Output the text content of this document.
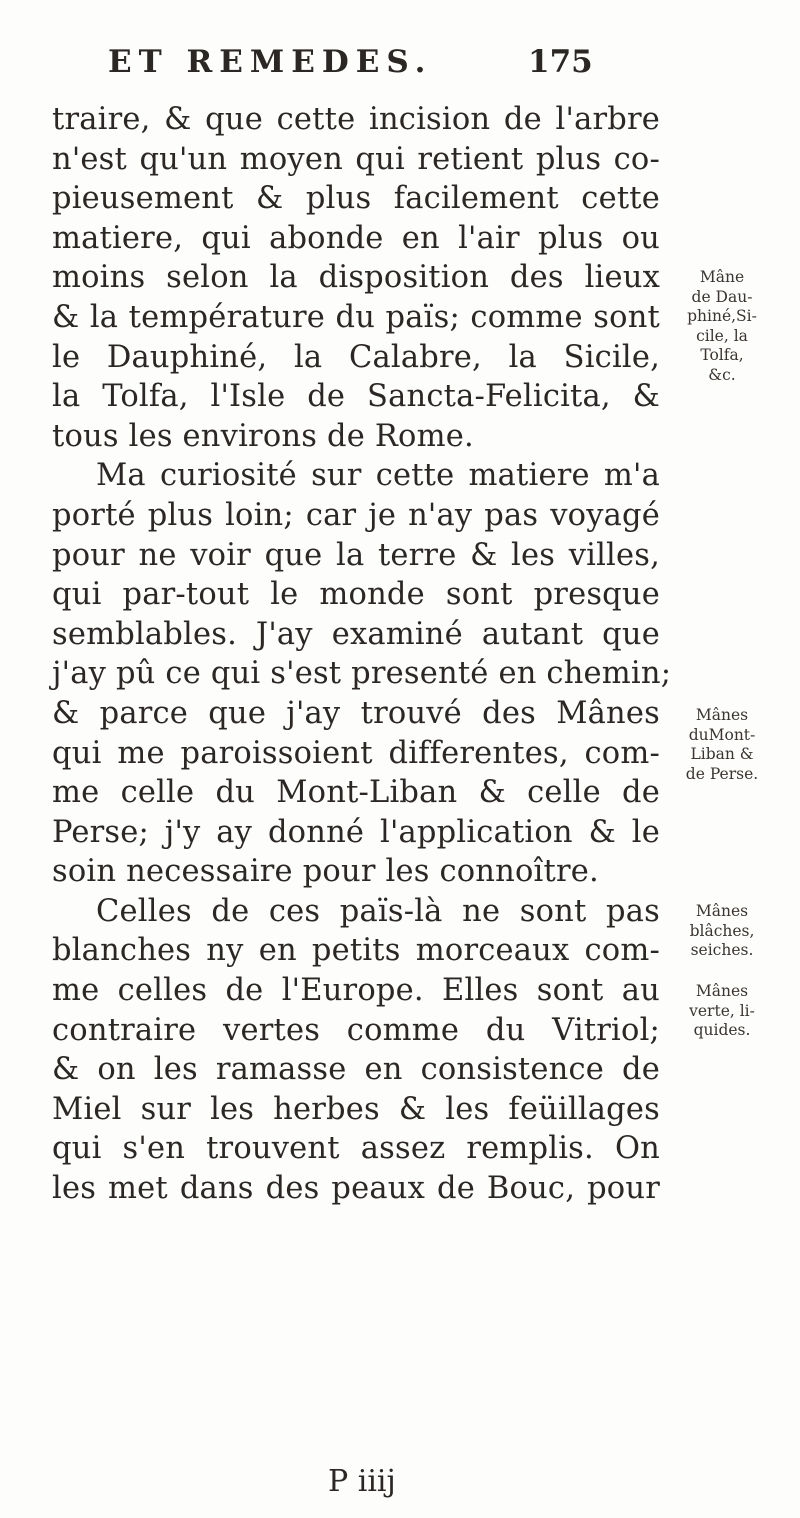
ET REMEDES.	175
traire, & que cette incision de l'arbre
n'est qu'un moyen qui retient plus co-
pieusement & plus facilement cette
matiere, qui abonde en l'air plus ou
moins selon la disposition des lieux
& la température du païs; comme sont
le Dauphiné, la Calabre, la Sicile,
la Tolfa, l'Isle de Sancta-Felicita, &
tous les environs de Rome.
Ma curiosité sur cette matiere m'a
porté plus loin; car je n'ay pas voyagé
pour ne voir que la terre & les villes,
qui par-tout le monde sont presque
semblables. J'ay examiné autant que
j'ay pû ce qui s'est presenté en chemin;
& parce que j'ay trouvé des Mânes
qui me paroissoient differentes, com-
me celle du Mont-Liban & celle de
Perse; j'y ay donné l'application & le
soin necessaire pour les connoître.
Celles de ces païs-là ne sont pas
blanches ny en petits morceaux com-
me celles de l'Europe. Elles sont au
contraire vertes comme du Vitriol;
& on les ramasse en consistence de
Miel sur les herbes & les feüillages
qui s'en trouvent assez remplis. On
les met dans des peaux de Bouc, pour
Mâne
de Dau-
phiné,Si-
cile, la
Tolfa,
&c.
Mânes
duMont-
Liban &
de Perse.
Mânes
blâches,
seiches.
Mânes
verte, li-
quides.
P iiij
